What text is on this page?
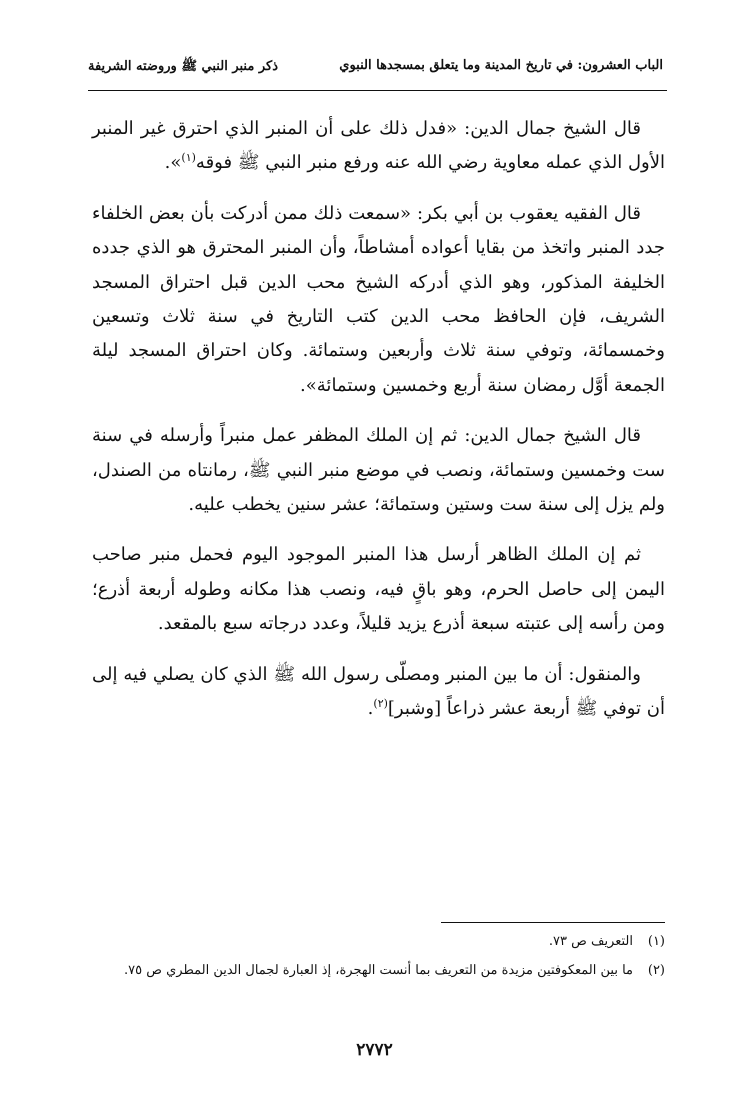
الباب العشرون: في تاريخ المدينة وما يتعلق بمسجدها النبوي
ذكر منبر النبي ﷺ وروضته الشريفة

قال الشيخ جمال الدين: «فدل ذلك على أن المنبر الذي احترق غير المنبر الأول الذي عمله معاوية رضي الله عنه ورفع منبر النبي ﷺ فوقه$^{(١)}$».

قال الفقيه يعقوب بن أبي بكر: «سمعت ذلك ممن أدركت بأن بعض الخلفاء جدد المنبر واتخذ من بقايا أعواده أمشاطاً، وأن المنبر المحترق هو الذي جدده الخليفة المذكور، وهو الذي أدركه الشيخ محب الدين قبل احتراق المسجد الشريف، فإن الحافظ محب الدين كتب التاريخ في سنة ثلاث وتسعين وخمسمائة، وتوفي سنة ثلاث وأربعين وستمائة. وكان احتراق المسجد ليلة الجمعة أوَّل رمضان سنة أربع وخمسين وستمائة».

قال الشيخ جمال الدين: ثم إن الملك المظفر عمل منبراً وأرسله في سنة ست وخمسين وستمائة، ونصب في موضع منبر النبي ﷺ، رمانتاه من الصندل، ولم يزل إلى سنة ست وستين وستمائة؛ عشر سنين يخطب عليه.

ثم إن الملك الظاهر أرسل هذا المنبر الموجود اليوم فحمل منبر صاحب اليمن إلى حاصل الحرم، وهو باقٍ فيه، ونصب هذا مكانه وطوله أربعة أذرع؛ ومن رأسه إلى عتبته سبعة أذرع يزيد قليلاً، وعدد درجاته سبع بالمقعد.

والمنقول: أن ما بين المنبر ومصلّى رسول الله ﷺ الذي كان يصلي فيه إلى أن توفي ﷺ أربعة عشر ذراعاً [وشبر]$^{(٢)}$.

(١)
التعريف ص ٧٣.
(٢)
ما بين المعكوفتين مزيدة من التعريف بما أنست الهجرة، إذ العبارة لجمال الدين المطري ص ٧٥.
٢٧٧٢
